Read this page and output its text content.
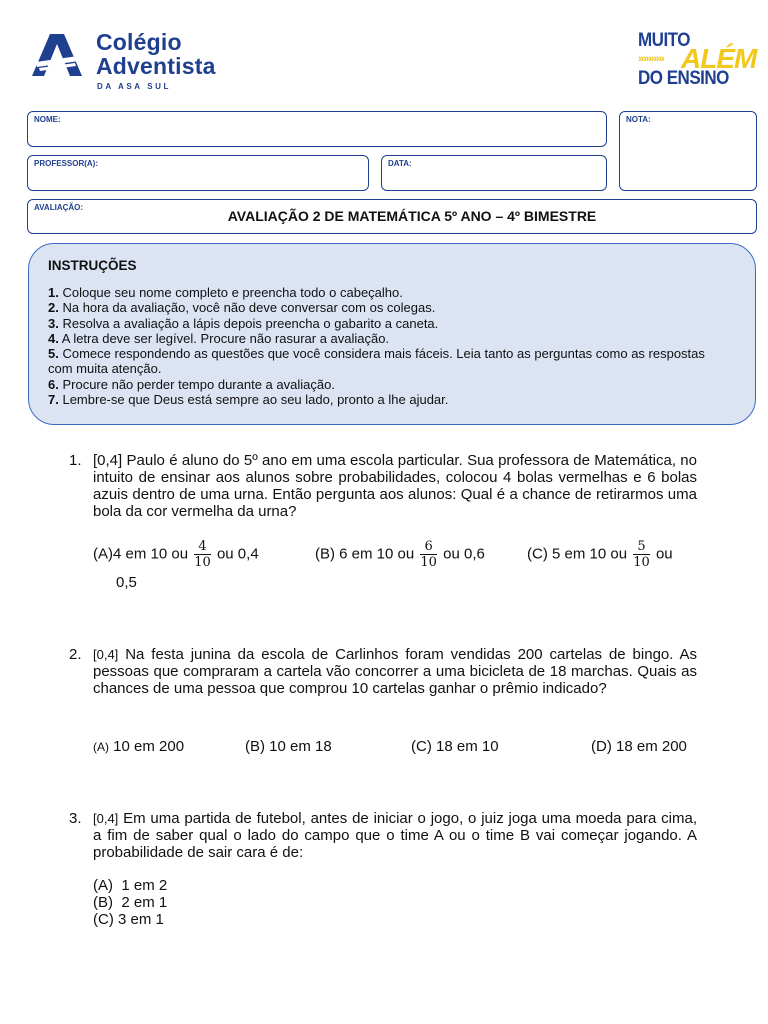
Colégio
Adventista
DA ASA SUL
MUITO
»»»»» ALÉM
DO ENSINO
NOME:	NOTA:
PROFESSOR(A):	DATA:
AVALIAÇÃO:
AVALIAÇÃO 2 DE MATEMÁTICA 5º ANO – 4º BIMESTRE
INSTRUÇÕES
1. Coloque seu nome completo e preencha todo o cabeçalho.
2. Na hora da avaliação, você não deve conversar com os colegas.
3. Resolva a avaliação a lápis depois preencha o gabarito a caneta.
4. A letra deve ser legível. Procure não rasurar a avaliação.
5. Comece respondendo as questões que você considera mais fáceis. Leia tanto as perguntas como as respostas com muita atenção.
6. Procure não perder tempo durante a avaliação.
7. Lembre-se que Deus está sempre ao seu lado, pronto a lhe ajudar.
1. [0,4] Paulo é aluno do 5º ano em uma escola particular. Sua professora de Matemática, no intuito de ensinar aos alunos sobre probabilidades, colocou 4 bolas vermelhas e 6 bolas azuis dentro de uma urna. Então pergunta aos alunos: Qual é a chance de retirarmos uma bola da cor vermelha da urna?
(A)4 em 10 ou $\frac{4}{10}$ ou 0,4	(B) 6 em 10 ou $\frac{6}{10}$ ou 0,6	(C) 5 em 10 ou $\frac{5}{10}$ ou
0,5
2. [0,4] Na festa junina da escola de Carlinhos foram vendidas 200 cartelas de bingo. As pessoas que compraram a cartela vão concorrer a uma bicicleta de 18 marchas. Quais as chances de uma pessoa que comprou 10 cartelas ganhar o prêmio indicado?
(A) 10 em 200	(B) 10 em 18	(C) 18 em 10	(D) 18 em 200
3. [0,4] Em uma partida de futebol, antes de iniciar o jogo, o juiz joga uma moeda para cima, a fim de saber qual o lado do campo que o time A ou o time B vai começar jogando. A probabilidade de sair cara é de:
(A) 1 em 2
(B) 2 em 1
(C) 3 em 1
